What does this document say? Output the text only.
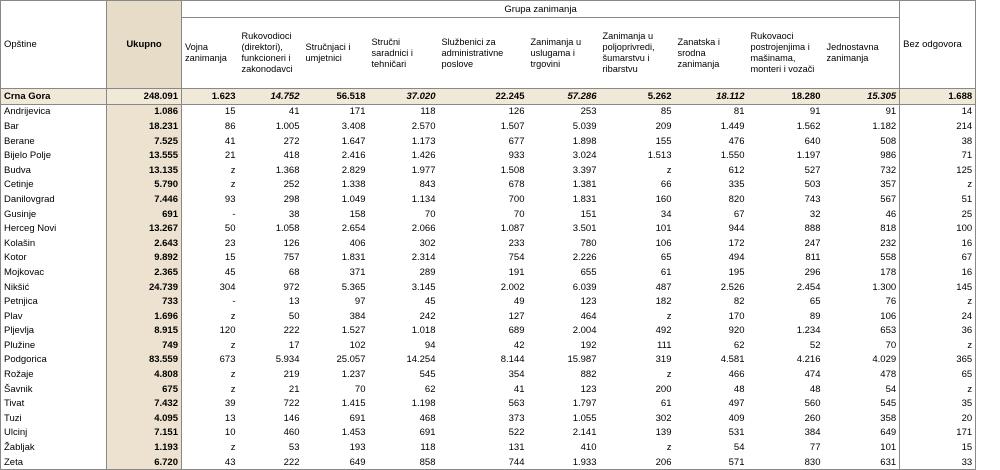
Opštine	Ukupno	Grupa zanimanja										Bez odgovora
		Vojna zanimanja	Rukovodioci (direktori), funkcioneri i zakonodavci	Stručnjaci i umjetnici	Stručni saradnici i tehničari	Službenici za administrativne poslove	Zanimanja u uslugama i trgovini	Zanimanja u poljoprivredi, šumarstvu i ribarstvu	Zanatska i srodna zanimanja	Rukovaoci postrojenjima i mašinama, monteri i vozači	Jednostavna zanimanja	
Crna Gora	248.091	1.623	14.752	56.518	37.020	22.245	57.286	5.262	18.112	18.280	15.305	1.688
Andrijevica	1.086	15	41	171	118	126	253	85	81	91	91	14
Bar	18.231	86	1.005	3.408	2.570	1.507	5.039	209	1.449	1.562	1.182	214
Berane	7.525	41	272	1.647	1.173	677	1.898	155	476	640	508	38
Bijelo Polje	13.555	21	418	2.416	1.426	933	3.024	1.513	1.550	1.197	986	71
Budva	13.135	z	1.368	2.829	1.977	1.508	3.397	z	612	527	732	125
Cetinje	5.790	z	252	1.338	843	678	1.381	66	335	503	357	z
Danilovgrad	7.446	93	298	1.049	1.134	700	1.831	160	820	743	567	51
Gusinje	691	-	38	158	70	70	151	34	67	32	46	25
Herceg Novi	13.267	50	1.058	2.654	2.066	1.087	3.501	101	944	888	818	100
Kolašin	2.643	23	126	406	302	233	780	106	172	247	232	16
Kotor	9.892	15	757	1.831	2.314	754	2.226	65	494	811	558	67
Mojkovac	2.365	45	68	371	289	191	655	61	195	296	178	16
Nikšić	24.739	304	972	5.365	3.145	2.002	6.039	487	2.526	2.454	1.300	145
Petnjica	733	-	13	97	45	49	123	182	82	65	76	z
Plav	1.696	z	50	384	242	127	464	z	170	89	106	24
Pljevlja	8.915	120	222	1.527	1.018	689	2.004	492	920	1.234	653	36
Plužine	749	z	17	102	94	42	192	111	62	52	70	z
Podgorica	83.559	673	5.934	25.057	14.254	8.144	15.987	319	4.581	4.216	4.029	365
Rožaje	4.808	z	219	1.237	545	354	882	z	466	474	478	65
Šavnik	675	z	21	70	62	41	123	200	48	48	54	z
Tivat	7.432	39	722	1.415	1.198	563	1.797	61	497	560	545	35
Tuzi	4.095	13	146	691	468	373	1.055	302	409	260	358	20
Ulcinj	7.151	10	460	1.453	691	522	2.141	139	531	384	649	171
Žabljak	1.193	z	53	193	118	131	410	z	54	77	101	15
Zeta	6.720	43	222	649	858	744	1.933	206	571	830	631	33
